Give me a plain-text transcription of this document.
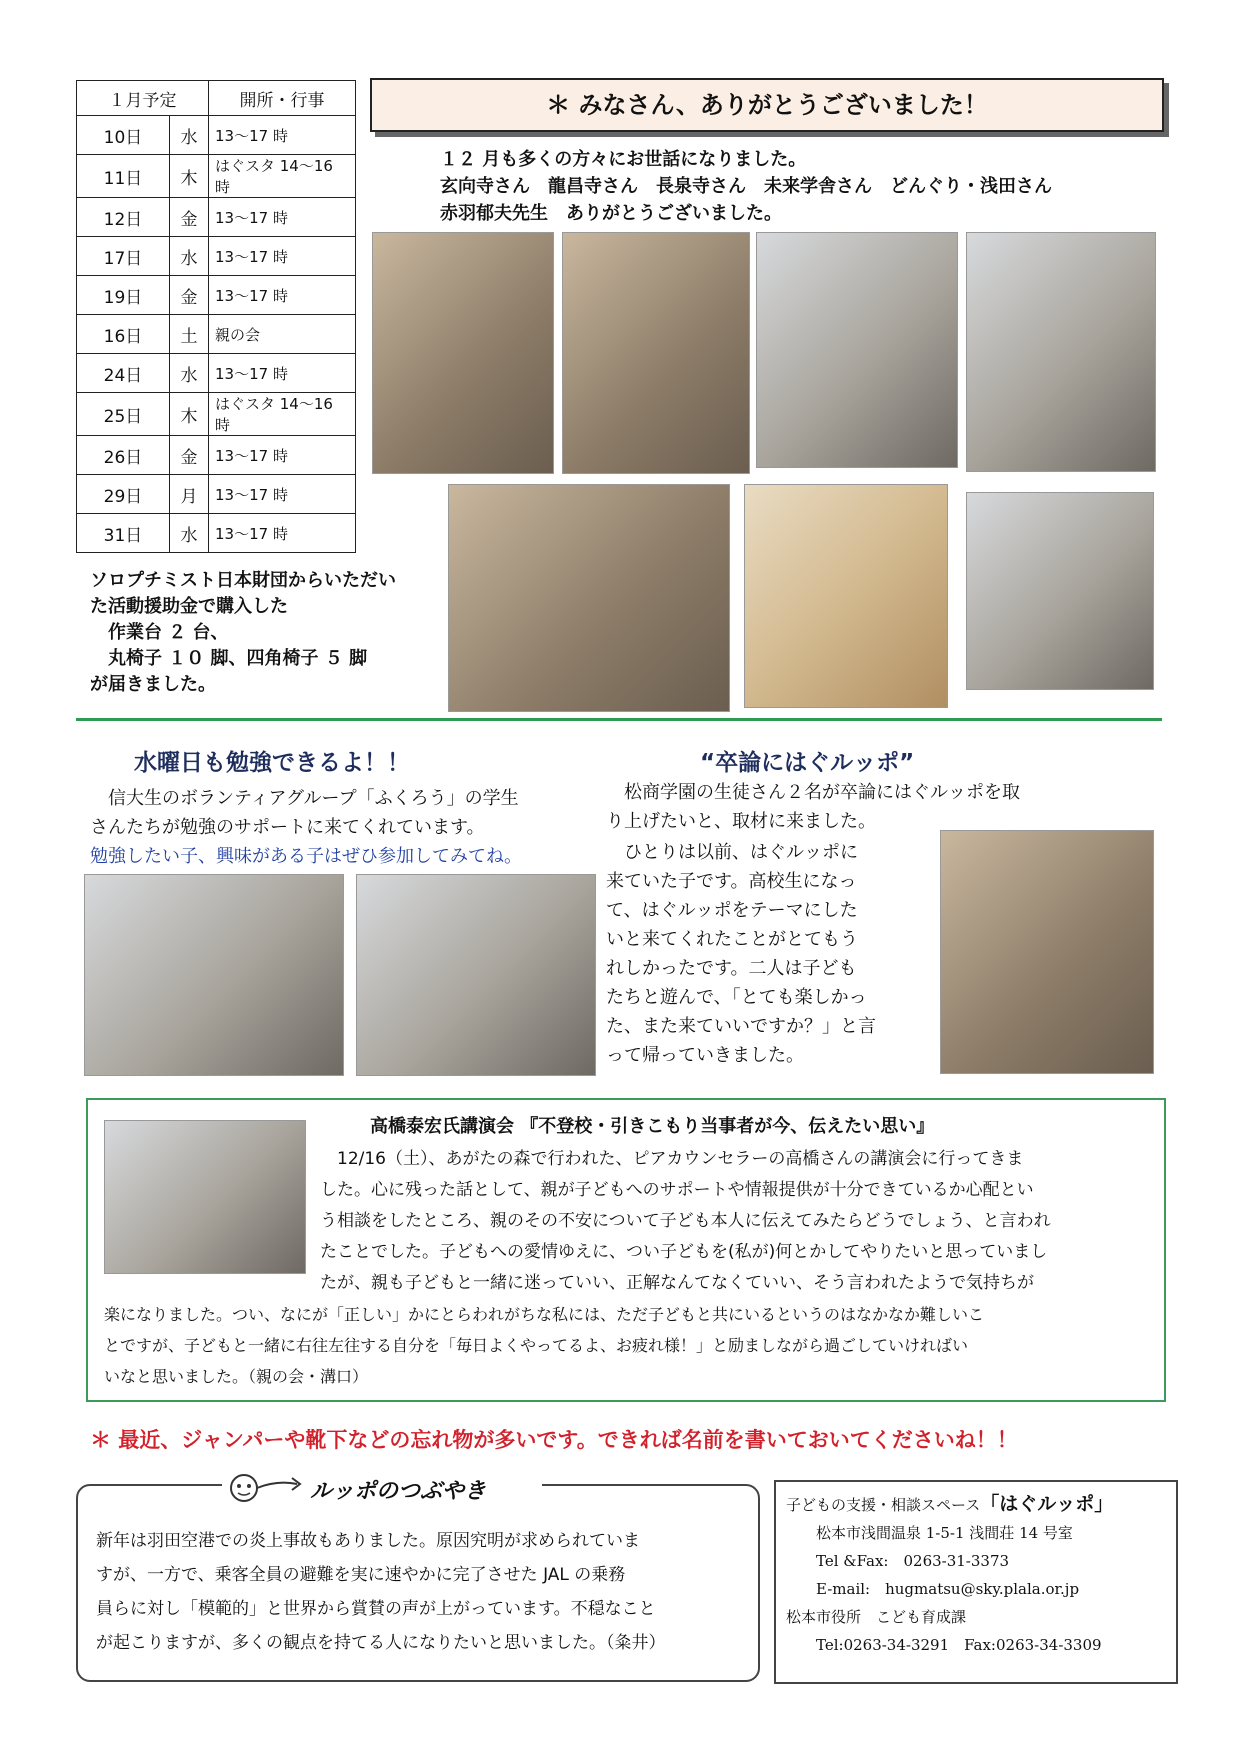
１月予定		開所・行事
10日	水	13～17 時
11日	木	はぐスタ 14～16 時
12日	金	13～17 時
17日	水	13～17 時
19日	金	13～17 時
16日	土	親の会
24日	水	13～17 時
25日	木	はぐスタ 14～16 時
26日	金	13～17 時
29日	月	13～17 時
31日	水	13～17 時
＊ みなさん、ありがとうございました！
１２ 月も多くの方々にお世話になりました。
玄向寺さん　龍昌寺さん　長泉寺さん　未来学舎さん　どんぐり・浅田さん
赤羽郁夫先生　ありがとうございました。
ソロプチミスト日本財団からいただい
た活動援助金で購入した
　作業台 ２ 台、
　丸椅子 １０ 脚、四角椅子 ５ 脚
が届きました。
水曜日も勉強できるよ！！
　信大生のボランティアグループ「ふくろう」の学生
さんたちが勉強のサポートに来てくれています。
勉強したい子、興味がある子はぜひ参加してみてね。
“卒論にはぐルッポ”
　松商学園の生徒さん２名が卒論にはぐルッポを取
り上げたいと、取材に来ました。
　ひとりは以前、はぐルッポに
来ていた子です。高校生になっ
て、はぐルッポをテーマにした
いと来てくれたことがとてもう
れしかったです。二人は子ども
たちと遊んで、「とても楽しかっ
た、また来ていいですか？」と言
って帰っていきました。
高橋泰宏氏講演会 『不登校・引きこもり当事者が今、伝えたい思い』
　12/16（土）、あがたの森で行われた、ピアカウンセラーの高橋さんの講演会に行ってきま
した。心に残った話として、親が子どもへのサポートや情報提供が十分できているか心配とい
う相談をしたところ、親のその不安について子ども本人に伝えてみたらどうでしょう、と言われ
たことでした。子どもへの愛情ゆえに、つい子どもを(私が)何とかしてやりたいと思っていまし
たが、親も子どもと一緒に迷っていい、正解なんてなくていい、そう言われたようで気持ちが
楽になりました。つい、なにが「正しい」かにとらわれがちな私には、ただ子どもと共にいるというのはなかなか難しいこ
とですが、子どもと一緒に右往左往する自分を「毎日よくやってるよ、お疲れ様！」と励ましながら過ごしていければい
いなと思いました。（親の会・溝口）
＊ 最近、ジャンパーや靴下などの忘れ物が多いです。できれば名前を書いておいてくださいね！！
ルッポのつぶやき
新年は羽田空港での炎上事故もありました。原因究明が求められていま
すが、一方で、乗客全員の避難を実に速やかに完了させた JAL の乗務
員らに対し「模範的」と世界から賞賛の声が上がっています。不穏なこと
が起こりますが、多くの観点を持てる人になりたいと思いました。（粂井）
子どもの支援・相談スペース「はぐルッポ」
松本市浅間温泉 1-5-1 浅間荘 14 号室
Tel &Fax:　0263-31-3373
E-mail:　hugmatsu@sky.plala.or.jp
松本市役所　こども育成課
Tel:0263-34-3291　Fax:0263-34-3309
